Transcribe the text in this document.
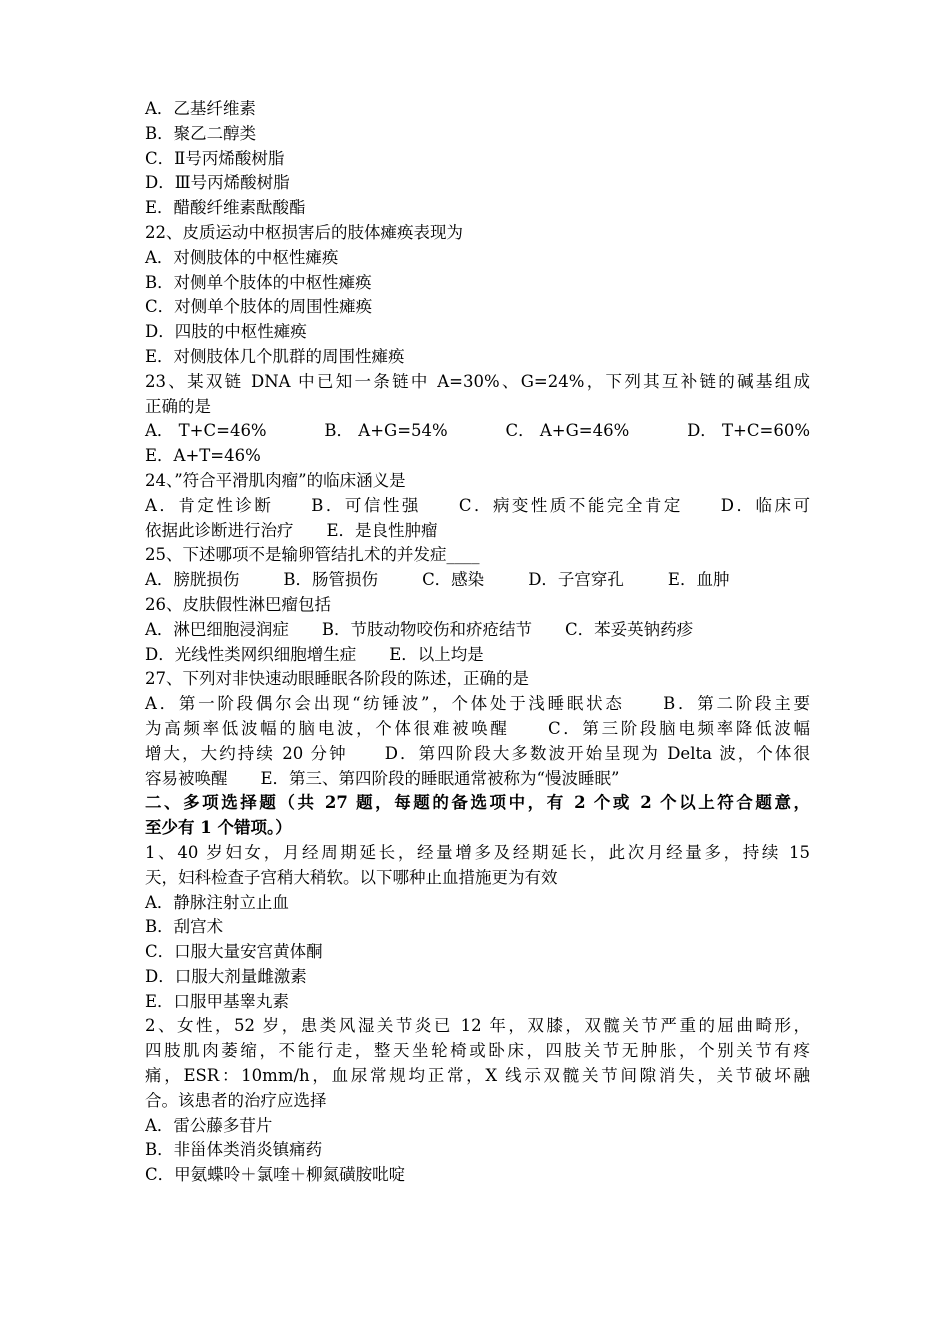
A．乙基纤维素
B．聚乙二醇类
C．Ⅱ号丙烯酸树脂
D．Ⅲ号丙烯酸树脂
E．醋酸纤维素酞酸酯
22、皮质运动中枢损害后的肢体瘫痪表现为
A．对侧肢体的中枢性瘫痪
B．对侧单个肢体的中枢性瘫痪
C．对侧单个肢体的周围性瘫痪
D．四肢的中枢性瘫痪
E．对侧肢体几个肌群的周围性瘫痪
23、某双链 DNA 中已知一条链中 A=30%、G=24%，下列其互补链的碱基组成
正确的是
A． T+C=46%	B． A+G=54%	C． A+G=46%	D． T+C=60%
E．A+T=46%
24、”符合平滑肌肉瘤”的临床涵义是
A．肯定性诊断　　B．可信性强　　C．病变性质不能完全肯定　　D．临床可
依据此诊断进行治疗　　E．是良性肿瘤
25、下述哪项不是输卵管结扎术的并发症____
A．膀胱损伤	B．肠管损伤	C．感染	D．子宫穿孔	E．血肿
26、皮肤假性淋巴瘤包括
A．淋巴细胞浸润症　　B．节肢动物咬伤和疥疮结节　　C．苯妥英钠药疹
D．光线性类网织细胞增生症　　E．以上均是
27、下列对非快速动眼睡眠各阶段的陈述，正确的是
A．第一阶段偶尔会出现“纺锤波”，个体处于浅睡眠状态　　B．第二阶段主要
为高频率低波幅的脑电波，个体很难被唤醒　　C．第三阶段脑电频率降低波幅
增大，大约持续 20 分钟　　D．第四阶段大多数波开始呈现为 Delta 波，个体很
容易被唤醒　　E．第三、第四阶段的睡眠通常被称为“慢波睡眠”
二、多项选择题（共 27 题，每题的备选项中，有 2 个或 2 个以上符合题意，
至少有 1 个错项。）
1、40 岁妇女，月经周期延长，经量增多及经期延长，此次月经量多，持续 15
天，妇科检查子宫稍大稍软。以下哪种止血措施更为有效
A．静脉注射立止血
B．刮宫术
C．口服大量安宫黄体酮
D．口服大剂量雌激素
E．口服甲基睾丸素
2、女性，52 岁，患类风湿关节炎已 12 年，双膝，双髋关节严重的屈曲畸形，
四肢肌肉萎缩，不能行走，整天坐轮椅或卧床，四肢关节无肿胀，个别关节有疼
痛，ESR：10mm/h，血尿常规均正常，X 线示双髋关节间隙消失，关节破坏融
合。该患者的治疗应选择
A．雷公藤多苷片
B．非甾体类消炎镇痛药
C．甲氨蝶呤＋氯喹＋柳氮磺胺吡啶
